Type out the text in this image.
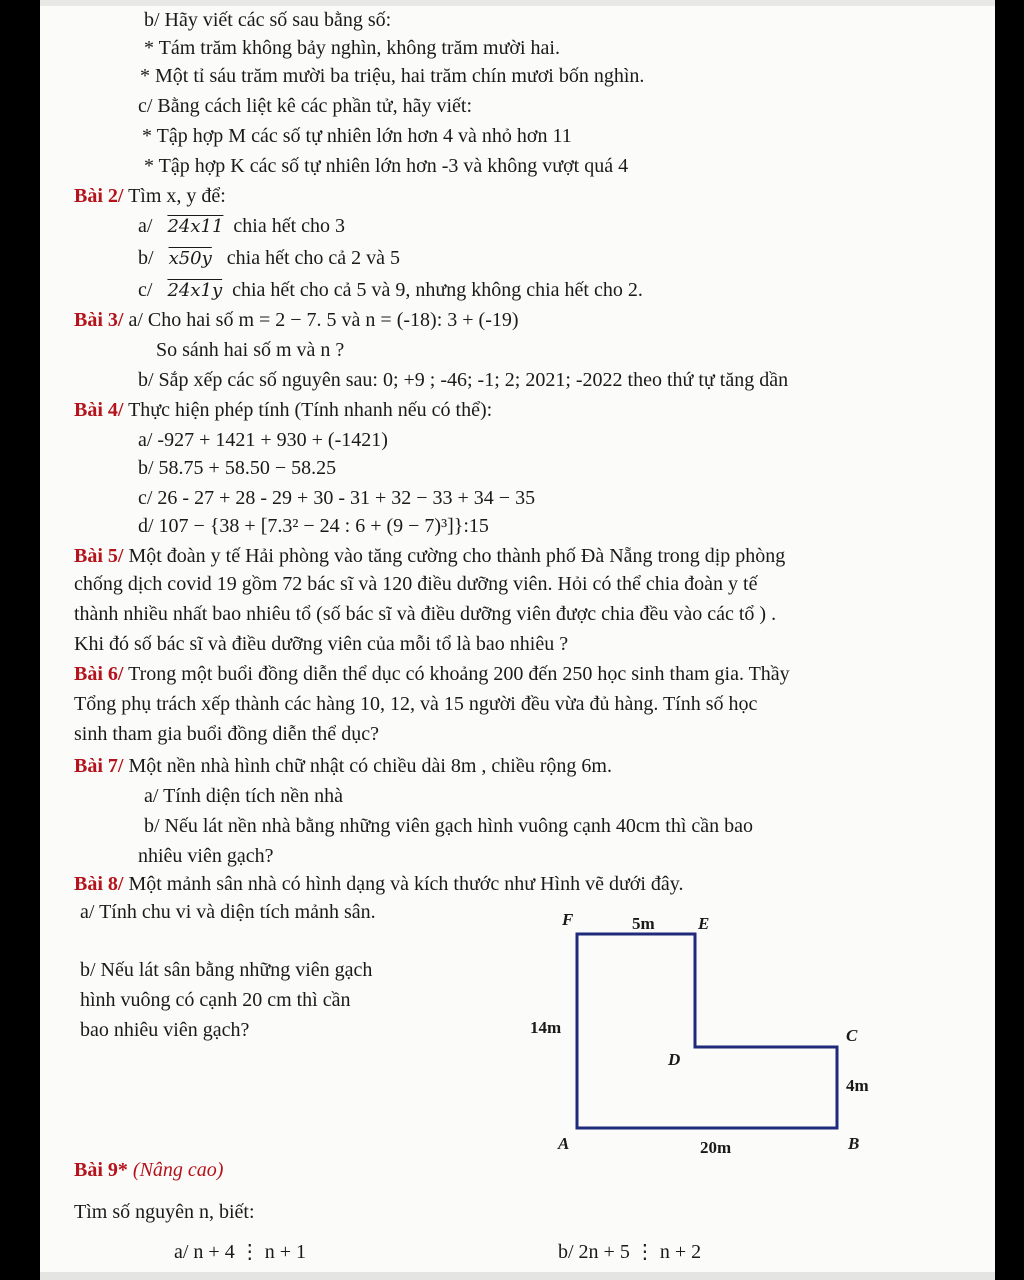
b/ Hãy viết các số sau bằng số:
* Tám trăm không bảy nghìn, không trăm mười hai.
* Một tỉ sáu trăm mười ba triệu, hai trăm chín mươi bốn nghìn.
c/ Bằng cách liệt kê các phần tử, hãy viết:
* Tập hợp M các số tự nhiên lớn hơn 4 và nhỏ hơn 11
* Tập hợp K các số tự nhiên lớn hơn -3 và không vượt quá 4
Bài 2/ Tìm x, y để:
a/ 24x11 chia hết cho 3
b/ x50y chia hết cho cả 2 và 5
c/ 24x1y chia hết cho cả 5 và 9, nhưng không chia hết cho 2.
Bài 3/ a/ Cho hai số m = 2 − 7. 5 và n = (-18): 3 + (-19)
So sánh hai số m và n ?
b/ Sắp xếp các số nguyên sau: 0; +9 ; -46; -1; 2; 2021; -2022 theo thứ tự tăng dần
Bài 4/ Thực hiện phép tính (Tính nhanh nếu có thể):
a/ -927 + 1421 + 930 + (-1421)
b/ 58.75 + 58.50 − 58.25
c/ 26 - 27 + 28 - 29 + 30 - 31 + 32 − 33 + 34 − 35
d/ 107 − {38 + [7.3² − 24 : 6 + (9 − 7)³]}:15
Bài 5/ Một đoàn y tế Hải phòng vào tăng cường cho thành phố Đà Nẵng trong dịp phòng
chống dịch covid 19 gồm 72 bác sĩ và 120 điều dưỡng viên. Hỏi có thể chia đoàn y tế
thành nhiều nhất bao nhiêu tổ (số bác sĩ và điều dưỡng viên được chia đều vào các tổ ) .
Khi đó số bác sĩ và điều dưỡng viên của mỗi tổ là bao nhiêu ?
Bài 6/ Trong một buổi đồng diễn thể dục có khoảng 200 đến 250 học sinh tham gia. Thầy
Tổng phụ trách xếp thành các hàng 10, 12, và 15 người đều vừa đủ hàng. Tính số học
sinh tham gia buổi đồng diễn thể dục?
Bài 7/ Một nền nhà hình chữ nhật có chiều dài 8m , chiều rộng 6m.
a/ Tính diện tích nền nhà
b/ Nếu lát nền nhà bằng những viên gạch hình vuông cạnh 40cm thì cần bao
nhiêu viên gạch?
Bài 8/ Một mảnh sân nhà có hình dạng và kích thước như Hình vẽ dưới đây.
a/ Tính chu vi và diện tích mảnh sân.
b/ Nếu lát sân bằng những viên gạch
hình vuông có cạnh 20 cm thì cần
bao nhiêu viên gạch?
F	5m	E
14m	C
D
4m
A	20m	B
Bài 9* (Nâng cao)
Tìm số nguyên n, biết:
a/ n + 4 ⋮ n + 1	b/ 2n + 5 ⋮ n + 2
